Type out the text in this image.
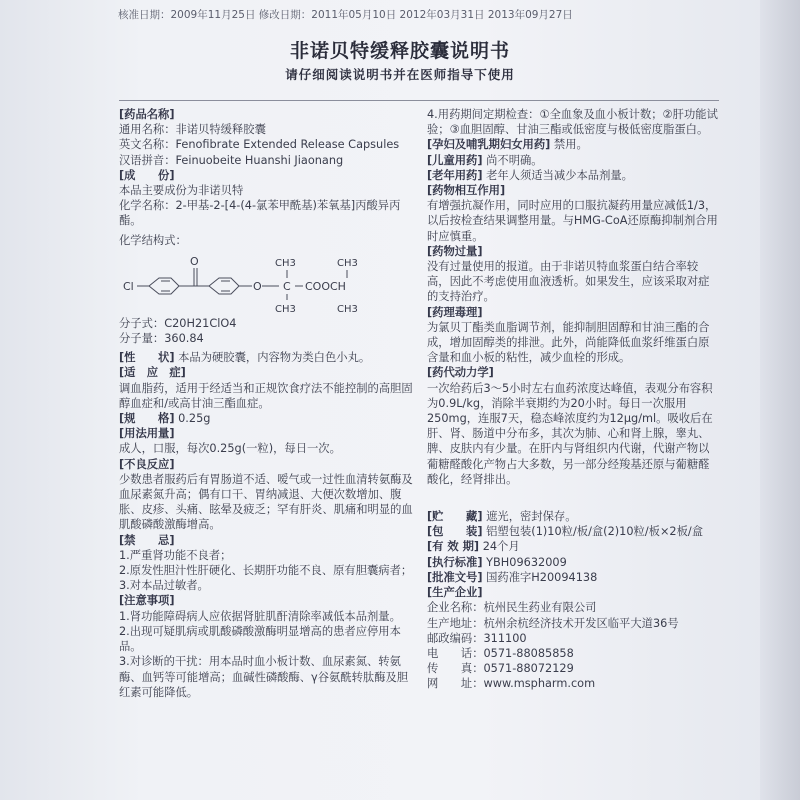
核准日期：2009年11月25日 修改日期：2011年05月10日 2012年03月31日 2013年09月27日
非诺贝特缓释胶囊说明书
请仔细阅读说明书并在医师指导下使用
[药品名称]

通用名称：非诺贝特缓释胶囊

英文名称：Fenofibrate Extended Release Capsules

汉语拼音：Feinuobeite Huanshi Jiaonang

[成　　份]

本品主要成份为非诺贝特

化学名称：2-甲基-2-[4-(4-氯苯甲酰基)苯氧基]丙酸异丙酯。

化学结构式：

Cl
O
O
CH3
C
CH3
COOCH
CH3
CH3

分子式：C20H21ClO4

分子量：360.84

[性　　状] 本品为硬胶囊，内容物为类白色小丸。
[适　应　症]

调血脂药，适用于经适当和正规饮食疗法不能控制的高胆固醇血症和/或高甘油三酯血症。

[规　　格] 0.25g
[用法用量]

成人，口服，每次0.25g(一粒)，每日一次。

[不良反应]

少数患者服药后有胃肠道不适、嗳气或一过性血清转氨酶及血尿素氮升高；偶有口干、胃纳减退、大便次数增加、腹胀、皮疹、头痛、眩晕及疲乏；罕有肝炎、肌痛和明显的血肌酸磷酸激酶增高。

[禁　　忌]

1.严重肾功能不良者；

2.原发性胆汁性肝硬化、长期肝功能不良、原有胆囊病者；

3.对本品过敏者。

[注意事项]

1.肾功能障碍病人应依据肾脏肌酐清除率减低本品剂量。

2.出现可疑肌病或肌酸磷酸激酶明显增高的患者应停用本品。

3.对诊断的干扰：用本品时血小板计数、血尿素氮、转氨酶、血钙等可能增高；血碱性磷酸酶、γ谷氨酰转肽酶及胆红素可能降低。

4.用药期间定期检查：①全血象及血小板计数；②肝功能试验；③血胆固醇、甘油三酯或低密度与极低密度脂蛋白。

[孕妇及哺乳期妇女用药] 禁用。
[儿童用药] 尚不明确。
[老年用药] 老年人须适当减少本品剂量。
[药物相互作用]

有增强抗凝作用，同时应用的口服抗凝药用量应减低1/3，以后按检查结果调整用量。与HMG-CoA还原酶抑制剂合用时应慎重。

[药物过量]

没有过量使用的报道。由于非诺贝特血浆蛋白结合率较高，因此不考虑使用血液透析。如果发生，应该采取对症的支持治疗。

[药理毒理]

为氯贝丁酯类血脂调节剂，能抑制胆固醇和甘油三酯的合成，增加固醇类的排泄。此外，尚能降低血浆纤维蛋白原含量和血小板的粘性，减少血栓的形成。

[药代动力学]

一次给药后3～5小时左右血药浓度达峰值，表观分布容积为0.9L/kg，消除半衰期约为20小时。每日一次服用250mg，连服7天，稳态峰浓度约为12μg/ml。吸收后在肝、肾、肠道中分布多，其次为肺、心和肾上腺，睾丸、脾、皮肤内有少量。在肝内与肾组织内代谢，代谢产物以葡糖醛酸化产物占大多数，另一部分经羧基还原与葡糖醛酸化，经肾排出。

[贮　　藏] 遮光，密封保存。
[包　　装] 铝塑包装(1)10粒/板/盒(2)10粒/板×2板/盒
[有 效 期] 24个月
[执行标准] YBH09632009
[批准文号] 国药准字H20094138
[生产企业]

企业名称：杭州民生药业有限公司

生产地址：杭州余杭经济技术开发区临平大道36号

邮政编码：311100

电　　话：0571-88085858

传　　真：0571-88072129

网　　址：www.mspharm.com
